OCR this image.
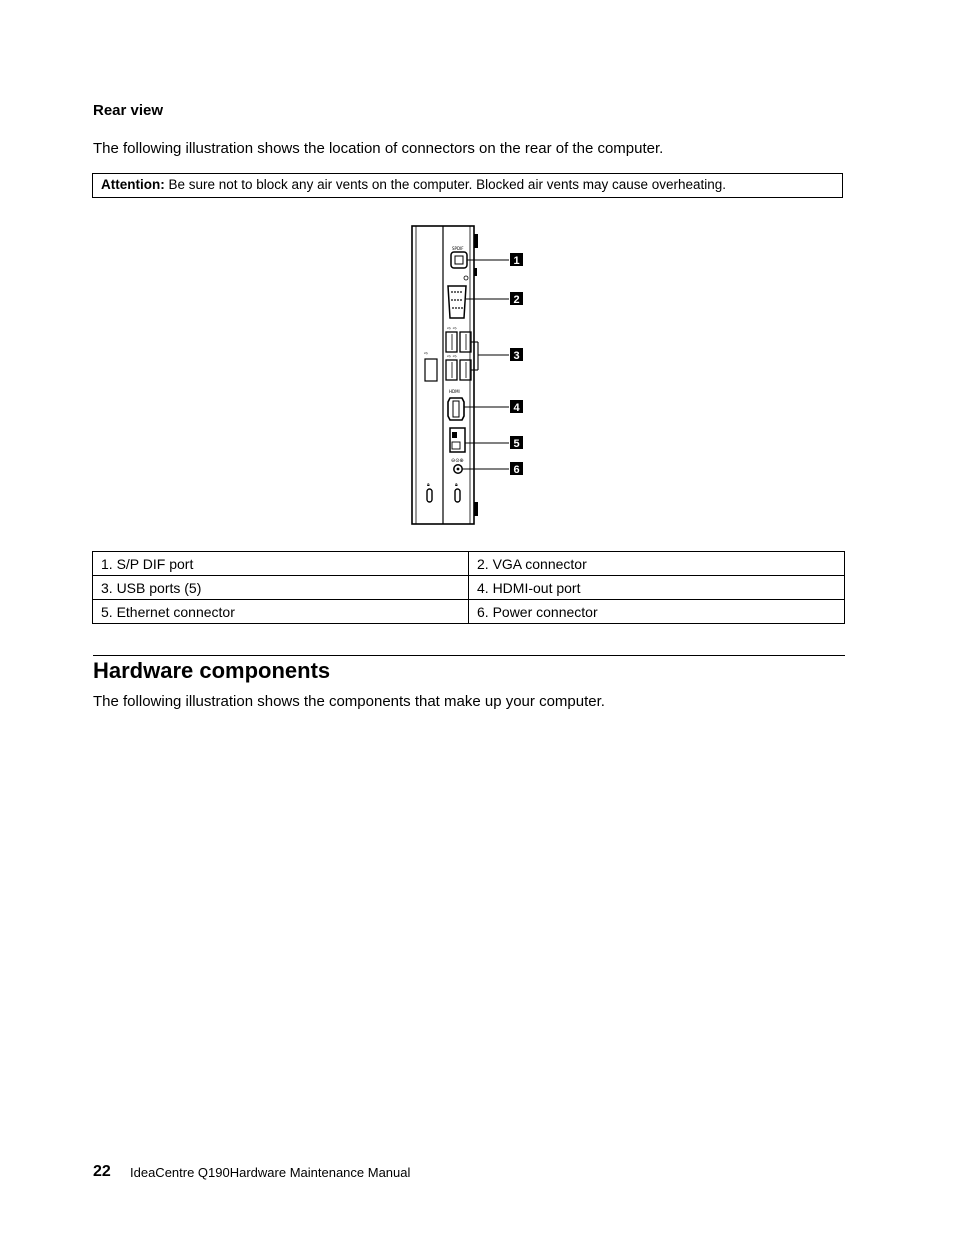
Rear view
The following illustration shows the location of connectors on the rear of the computer.
Attention: Be sure not to block any air vents on the computer. Blocked air vents may cause overheating.
⇨
🔒︎
SPDIF
⇨ ⇨
⇨ ⇨
HDMI
⊖⊙⊕
🔒︎
1
2
3
4
5
6
1. S/P DIF port	2. VGA connector
3. USB ports (5)	4. HDMI-out port
5. Ethernet connector	6. Power connector
Hardware components
The following illustration shows the components that make up your computer.
22 IdeaCentre Q190Hardware Maintenance Manual
